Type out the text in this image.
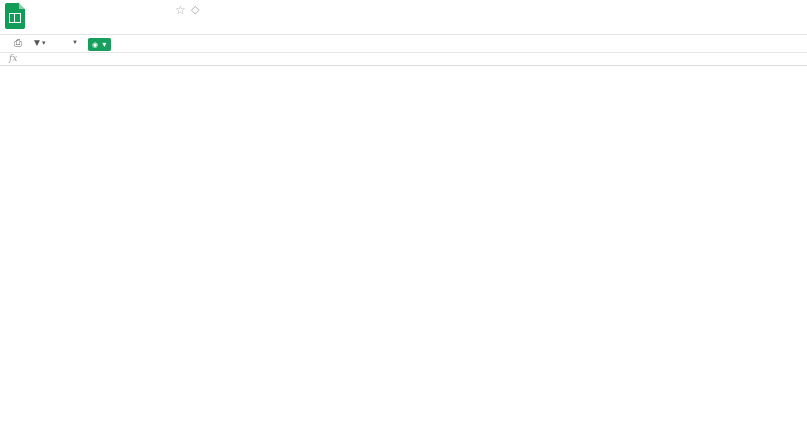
☆ ◇
⎙ ▼ ▾	▼	◉ ▾
fx
